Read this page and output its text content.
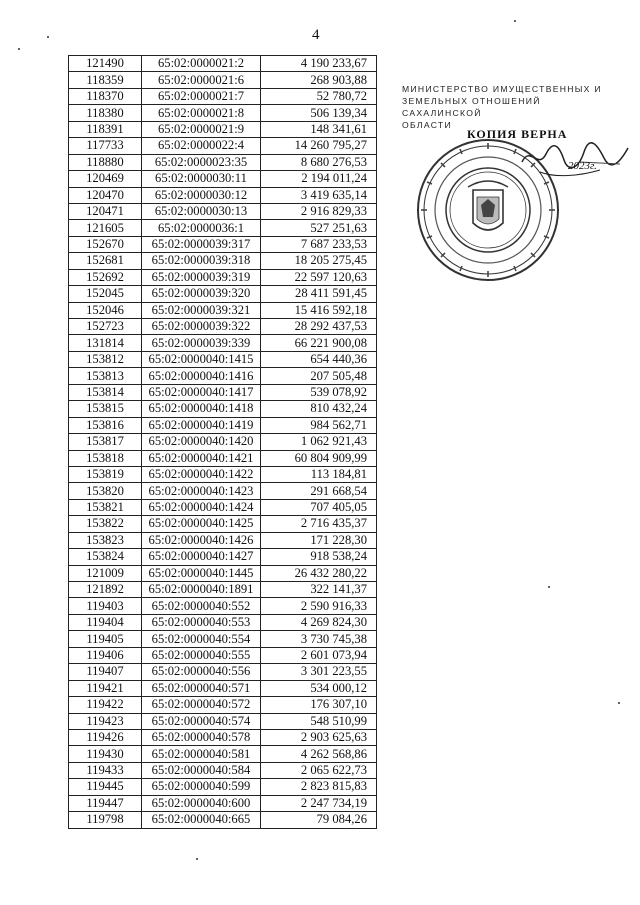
4
121490	65:02:0000021:2	4 190 233,67
118359	65:02:0000021:6	268 903,88
118370	65:02:0000021:7	52 780,72
118380	65:02:0000021:8	506 139,34
118391	65:02:0000021:9	148 341,61
117733	65:02:0000022:4	14 260 795,27
118880	65:02:0000023:35	8 680 276,53
120469	65:02:0000030:11	2 194 011,24
120470	65:02:0000030:12	3 419 635,14
120471	65:02:0000030:13	2 916 829,33
121605	65:02:0000036:1	527 251,63
152670	65:02:0000039:317	7 687 233,53
152681	65:02:0000039:318	18 205 275,45
152692	65:02:0000039:319	22 597 120,63
152045	65:02:0000039:320	28 411 591,45
152046	65:02:0000039:321	15 416 592,18
152723	65:02:0000039:322	28 292 437,53
131814	65:02:0000039:339	66 221 900,08
153812	65:02:0000040:1415	654 440,36
153813	65:02:0000040:1416	207 505,48
153814	65:02:0000040:1417	539 078,92
153815	65:02:0000040:1418	810 432,24
153816	65:02:0000040:1419	984 562,71
153817	65:02:0000040:1420	1 062 921,43
153818	65:02:0000040:1421	60 804 909,99
153819	65:02:0000040:1422	113 184,81
153820	65:02:0000040:1423	291 668,54
153821	65:02:0000040:1424	707 405,05
153822	65:02:0000040:1425	2 716 435,37
153823	65:02:0000040:1426	171 228,30
153824	65:02:0000040:1427	918 538,24
121009	65:02:0000040:1445	26 432 280,22
121892	65:02:0000040:1891	322 141,37
119403	65:02:0000040:552	2 590 916,33
119404	65:02:0000040:553	4 269 824,30
119405	65:02:0000040:554	3 730 745,38
119406	65:02:0000040:555	2 601 073,94
119407	65:02:0000040:556	3 301 223,55
119421	65:02:0000040:571	534 000,12
119422	65:02:0000040:572	176 307,10
119423	65:02:0000040:574	548 510,99
119426	65:02:0000040:578	2 903 625,63
119430	65:02:0000040:581	4 262 568,86
119433	65:02:0000040:584	2 065 622,73
119445	65:02:0000040:599	2 823 815,83
119447	65:02:0000040:600	2 247 734,19
119798	65:02:0000040:665	79 084,26
МИНИСТЕРСТВО ИМУЩЕСТВЕННЫХ И
ЗЕМЕЛЬНЫХ ОТНОШЕНИЙ САХАЛИНСКОЙ
ОБЛАСТИ
КОПИЯ ВЕРНА
2023г.
